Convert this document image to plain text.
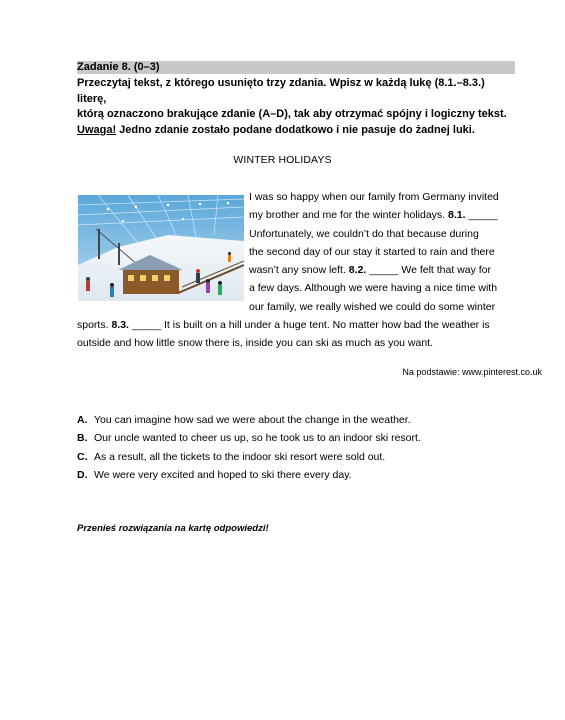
Zadanie 8. (0–3)
Przeczytaj tekst, z którego usunięto trzy zdania. Wpisz w każdą lukę (8.1.–8.3.) literę,
którą oznaczono brakujące zdanie (A–D), tak aby otrzymać spójny i logiczny tekst.
Uwaga! Jedno zdanie zostało podane dodatkowo i nie pasuje do żadnej luki.
WINTER HOLIDAYS
I was so happy when our family from Germany invited
my brother and me for the winter holidays. 8.1. _____
Unfortunately, we couldn’t do that because during
the second day of our stay it started to rain and there
wasn’t any snow left. 8.2. _____ We felt that way for
a few days. Although we were having a nice time with
our family, we really wished we could do some winter
sports. 8.3. _____ It is built on a hill under a huge tent. No matter how bad the weather is
outside and how little snow there is, inside you can ski as much as you want.
Na podstawie: www.pinterest.co.uk
A. You can imagine how sad we were about the change in the weather.
B. Our uncle wanted to cheer us up, so he took us to an indoor ski resort.
C. As a result, all the tickets to the indoor ski resort were sold out.
D. We were very excited and hoped to ski there every day.
Przenieś rozwiązania na kartę odpowiedzi!
